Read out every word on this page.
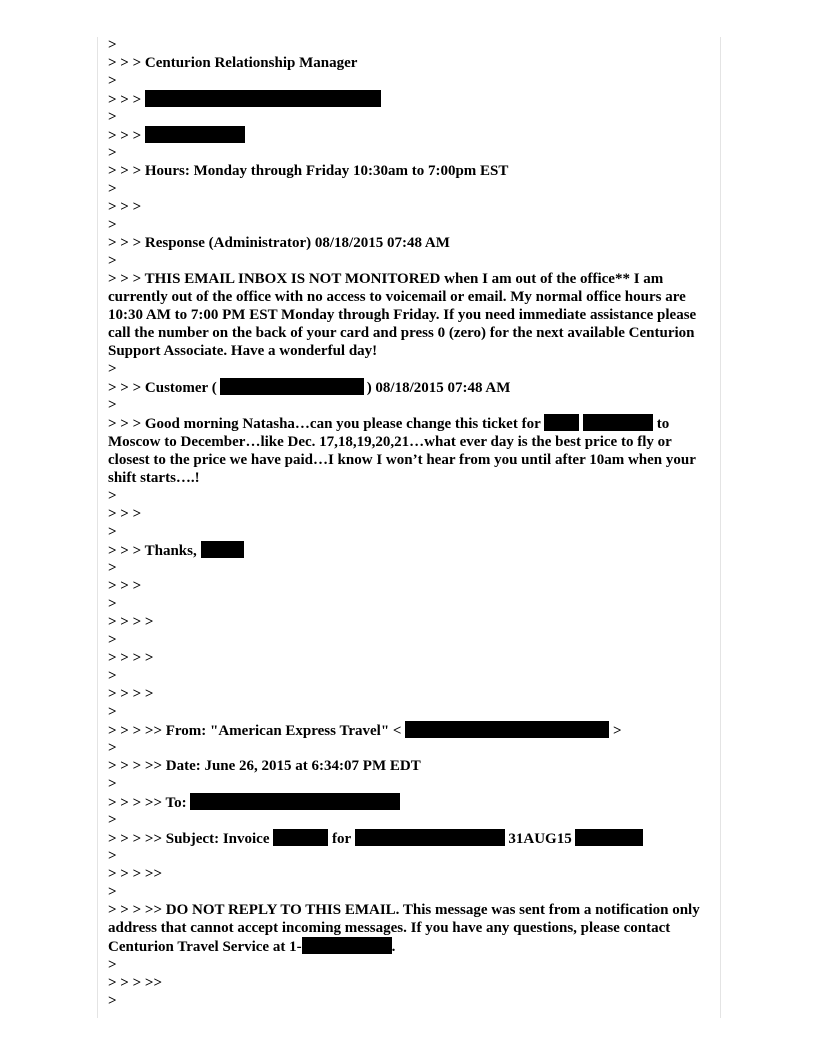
>
> > > Centurion Relationship Manager
>
> > >
>
> > >
>
> > > Hours: Monday through Friday 10:30am to 7:00pm EST
>
> > >
>
> > > Response (Administrator) 08/18/2015 07:48 AM
>
> > > THIS EMAIL INBOX IS NOT MONITORED when I am out of the office** I am currently out of the office with no access to voicemail or email. My normal office hours are 10:30 AM to 7:00 PM EST Monday through Friday. If you need immediate assistance please call the number on the back of your card and press 0 (zero) for the next available Centurion Support Associate. Have a wonderful day!
>
> > > Customer (	) 08/18/2015 07:48 AM
>
> > > Good morning Natasha…can you please change this ticket for	to Moscow to December…like Dec. 17,18,19,20,21…what ever day is the best price to fly or closest to the price we have paid…I know I won’t hear from you until after 10am when your shift starts….!
>
> > >
>
> > > Thanks,
>
> > >
>
> > > >
>
> > > >
>
> > > >
>
> > > >> From: "American Express Travel" <	>
>
> > > >> Date: June 26, 2015 at 6:34:07 PM EDT
>
> > > >> To:
>
> > > >> Subject: Invoice	for	31AUG15
>
> > > >>
>
> > > >> DO NOT REPLY TO THIS EMAIL. This message was sent from a notification only address that cannot accept incoming messages. If you have any questions, please contact Centurion Travel Service at 1-	.
>
> > > >>
>
